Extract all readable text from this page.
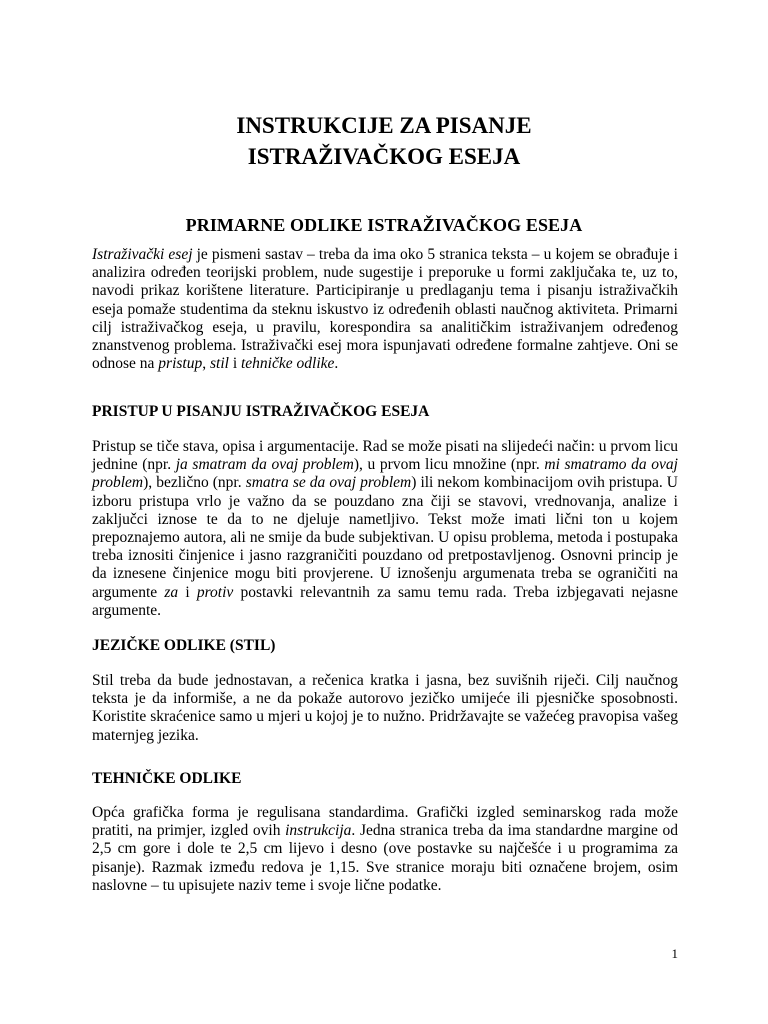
INSTRUKCIJE ZA PISANJE
ISTRAŽIVAČKOG ESEJA
PRIMARNE ODLIKE ISTRAŽIVAČKOG ESEJA

Istraživački esej je pismeni sastav – treba da ima oko 5 stranica teksta – u kojem se obrađuje i analizira određen teorijski problem, nude sugestije i preporuke u formi zaključaka te, uz to, navodi prikaz korištene literature. Participiranje u predlaganju tema i pisanju istraživačkih eseja pomaže studentima da steknu iskustvo iz određenih oblasti naučnog aktiviteta. Primarni cilj istraživačkog eseja, u pravilu, korespondira sa analitičkim istraživanjem određenog znanstvenog problema. Istraživački esej mora ispunjavati određene formalne zahtjeve. Oni se odnose na pristup, stil i tehničke odlike.

PRISTUP U PISANJU ISTRAŽIVAČKOG ESEJA

Pristup se tiče stava, opisa i argumentacije. Rad se može pisati na slijedeći način: u prvom licu jednine (npr. ja smatram da ovaj problem), u prvom licu množine (npr. mi smatramo da ovaj problem), bezlično (npr. smatra se da ovaj problem) ili nekom kombinacijom ovih pristupa. U izboru pristupa vrlo je važno da se pouzdano zna čiji se stavovi, vrednovanja, analize i zaključci iznose te da to ne djeluje nametljivo. Tekst može imati lični ton u kojem prepoznajemo autora, ali ne smije da bude subjektivan. U opisu problema, metoda i postupaka treba iznositi činjenice i jasno razgraničiti pouzdano od pretpostavljenog. Osnovni princip je da iznesene činjenice mogu biti provjerene. U iznošenju argumenata treba se ograničiti na argumente za i protiv postavki relevantnih za samu temu rada. Treba izbjegavati nejasne argumente.

JEZIČKE ODLIKE (STIL)

Stil treba da bude jednostavan, a rečenica kratka i jasna, bez suvišnih riječi. Cilj naučnog teksta je da informiše, a ne da pokaže autorovo jezičko umijeće ili pjesničke sposobnosti. Koristite skraćenice samo u mjeri u kojoj je to nužno. Pridržavajte se važećeg pravopisa vašeg maternjeg jezika.

TEHNIČKE ODLIKE

Opća grafička forma je regulisana standardima. Grafički izgled seminarskog rada može pratiti, na primjer, izgled ovih instrukcija. Jedna stranica treba da ima standardne margine od 2,5 cm gore i dole te 2,5 cm lijevo i desno (ove postavke su najčešće i u programima za pisanje). Razmak između redova je 1,15. Sve stranice moraju biti označene brojem, osim naslovne – tu upisujete naziv teme i svoje lične podatke.

1
